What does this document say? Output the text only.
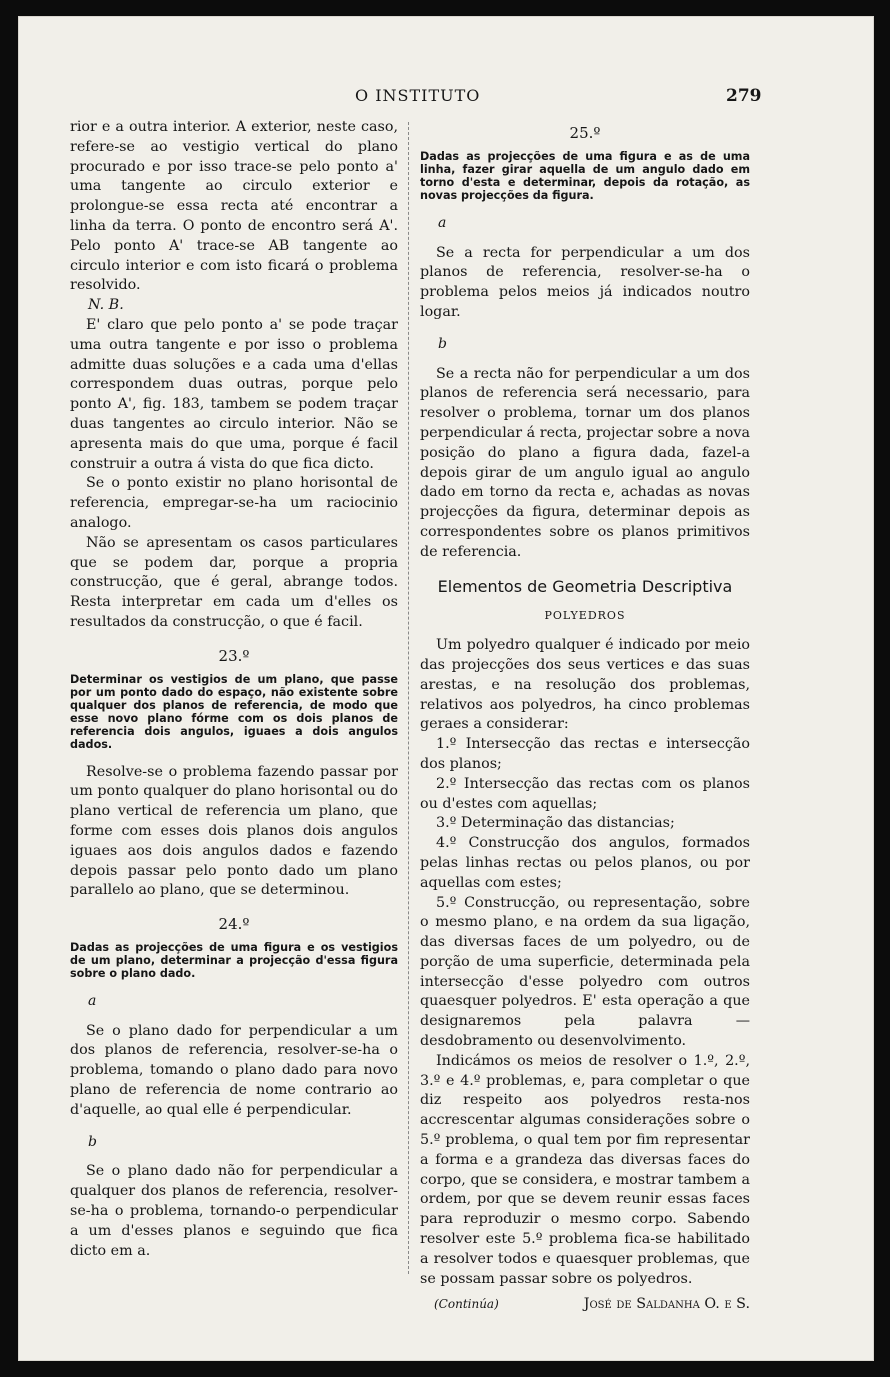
O INSTITUTO	279

rior e a outra interior. A exterior, neste caso, refere-se ao vestigio vertical do plano procurado e por isso trace-se pelo ponto a' uma tangente ao circulo exterior e prolongue-se essa recta até encontrar a linha da terra. O ponto de encontro será A'. Pelo ponto A' trace-se AB tangente ao circulo interior e com isto ficará o problema resolvido.

N. B.

E' claro que pelo ponto a' se pode traçar uma outra tangente e por isso o problema admitte duas soluções e a cada uma d'ellas correspondem duas outras, porque pelo ponto A', fig. 183, tambem se podem traçar duas tangentes ao circulo interior. Não se apresenta mais do que uma, porque é facil construir a outra á vista do que fica dicto.

Se o ponto existir no plano horisontal de referencia, empregar-se-ha um raciocinio analogo.

Não se apresentam os casos particulares que se podem dar, porque a propria construcção, que é geral, abrange todos. Resta interpretar em cada um d'elles os resultados da construcção, o que é facil.

23.º

Determinar os vestigios de um plano, que passe por um ponto dado do espaço, não existente sobre qualquer dos planos de referencia, de modo que esse novo plano fórme com os dois planos de referencia dois angulos, iguaes a dois angulos dados.

Resolve-se o problema fazendo passar por um ponto qualquer do plano horisontal ou do plano vertical de referencia um plano, que forme com esses dois planos dois angulos iguaes aos dois angulos dados e fazendo depois passar pelo ponto dado um plano parallelo ao plano, que se determinou.

24.º

Dadas as projecções de uma figura e os vestigios de um plano, determinar a projecção d'essa figura sobre o plano dado.

a

Se o plano dado for perpendicular a um dos planos de referencia, resolver-se-ha o problema, tomando o plano dado para novo plano de referencia de nome contrario ao d'aquelle, ao qual elle é perpendicular.

b

Se o plano dado não for perpendicular a qualquer dos planos de referencia, resolver-se-ha o problema, tornando-o perpendicular a um d'esses planos e seguindo que fica dicto em a.

25.º

Dadas as projecções de uma figura e as de uma linha, fazer girar aquella de um angulo dado em torno d'esta e determinar, depois da rotação, as novas projecções da figura.

a

Se a recta for perpendicular a um dos planos de referencia, resolver-se-ha o problema pelos meios já indicados noutro logar.

b

Se a recta não for perpendicular a um dos planos de referencia será necessario, para resolver o problema, tornar um dos planos perpendicular á recta, projectar sobre a nova posição do plano a figura dada, fazel-a depois girar de um angulo igual ao angulo dado em torno da recta e, achadas as novas projecções da figura, determinar depois as correspondentes sobre os planos primitivos de referencia.

Elementos de Geometria Descriptiva

POLYEDROS

Um polyedro qualquer é indicado por meio das projecções dos seus vertices e das suas arestas, e na resolução dos problemas, relativos aos polyedros, ha cinco problemas geraes a considerar:

1.º Intersecção das rectas e intersecção dos planos;

2.º Intersecção das rectas com os planos ou d'estes com aquellas;

3.º Determinação das distancias;

4.º Construcção dos angulos, formados pelas linhas rectas ou pelos planos, ou por aquellas com estes;

5.º Construcção, ou representação, sobre o mesmo plano, e na ordem da sua ligação, das diversas faces de um polyedro, ou de porção de uma superficie, determinada pela intersecção d'esse polyedro com outros quaesquer polyedros. E' esta operação a que designaremos pela palavra — desdobramento ou desenvolvimento.

Indicámos os meios de resolver o 1.º, 2.º, 3.º e 4.º problemas, e, para completar o que diz respeito aos polyedros resta-nos accrescentar algumas considerações sobre o 5.º problema, o qual tem por fim representar a forma e a grandeza das diversas faces do corpo, que se considera, e mostrar tambem a ordem, por que se devem reunir essas faces para reproduzir o mesmo corpo. Sabendo resolver este 5.º problema fica-se habilitado a resolver todos e quaesquer problemas, que se possam passar sobre os polyedros.

(Continúa)	José de Saldanha O. e S.
